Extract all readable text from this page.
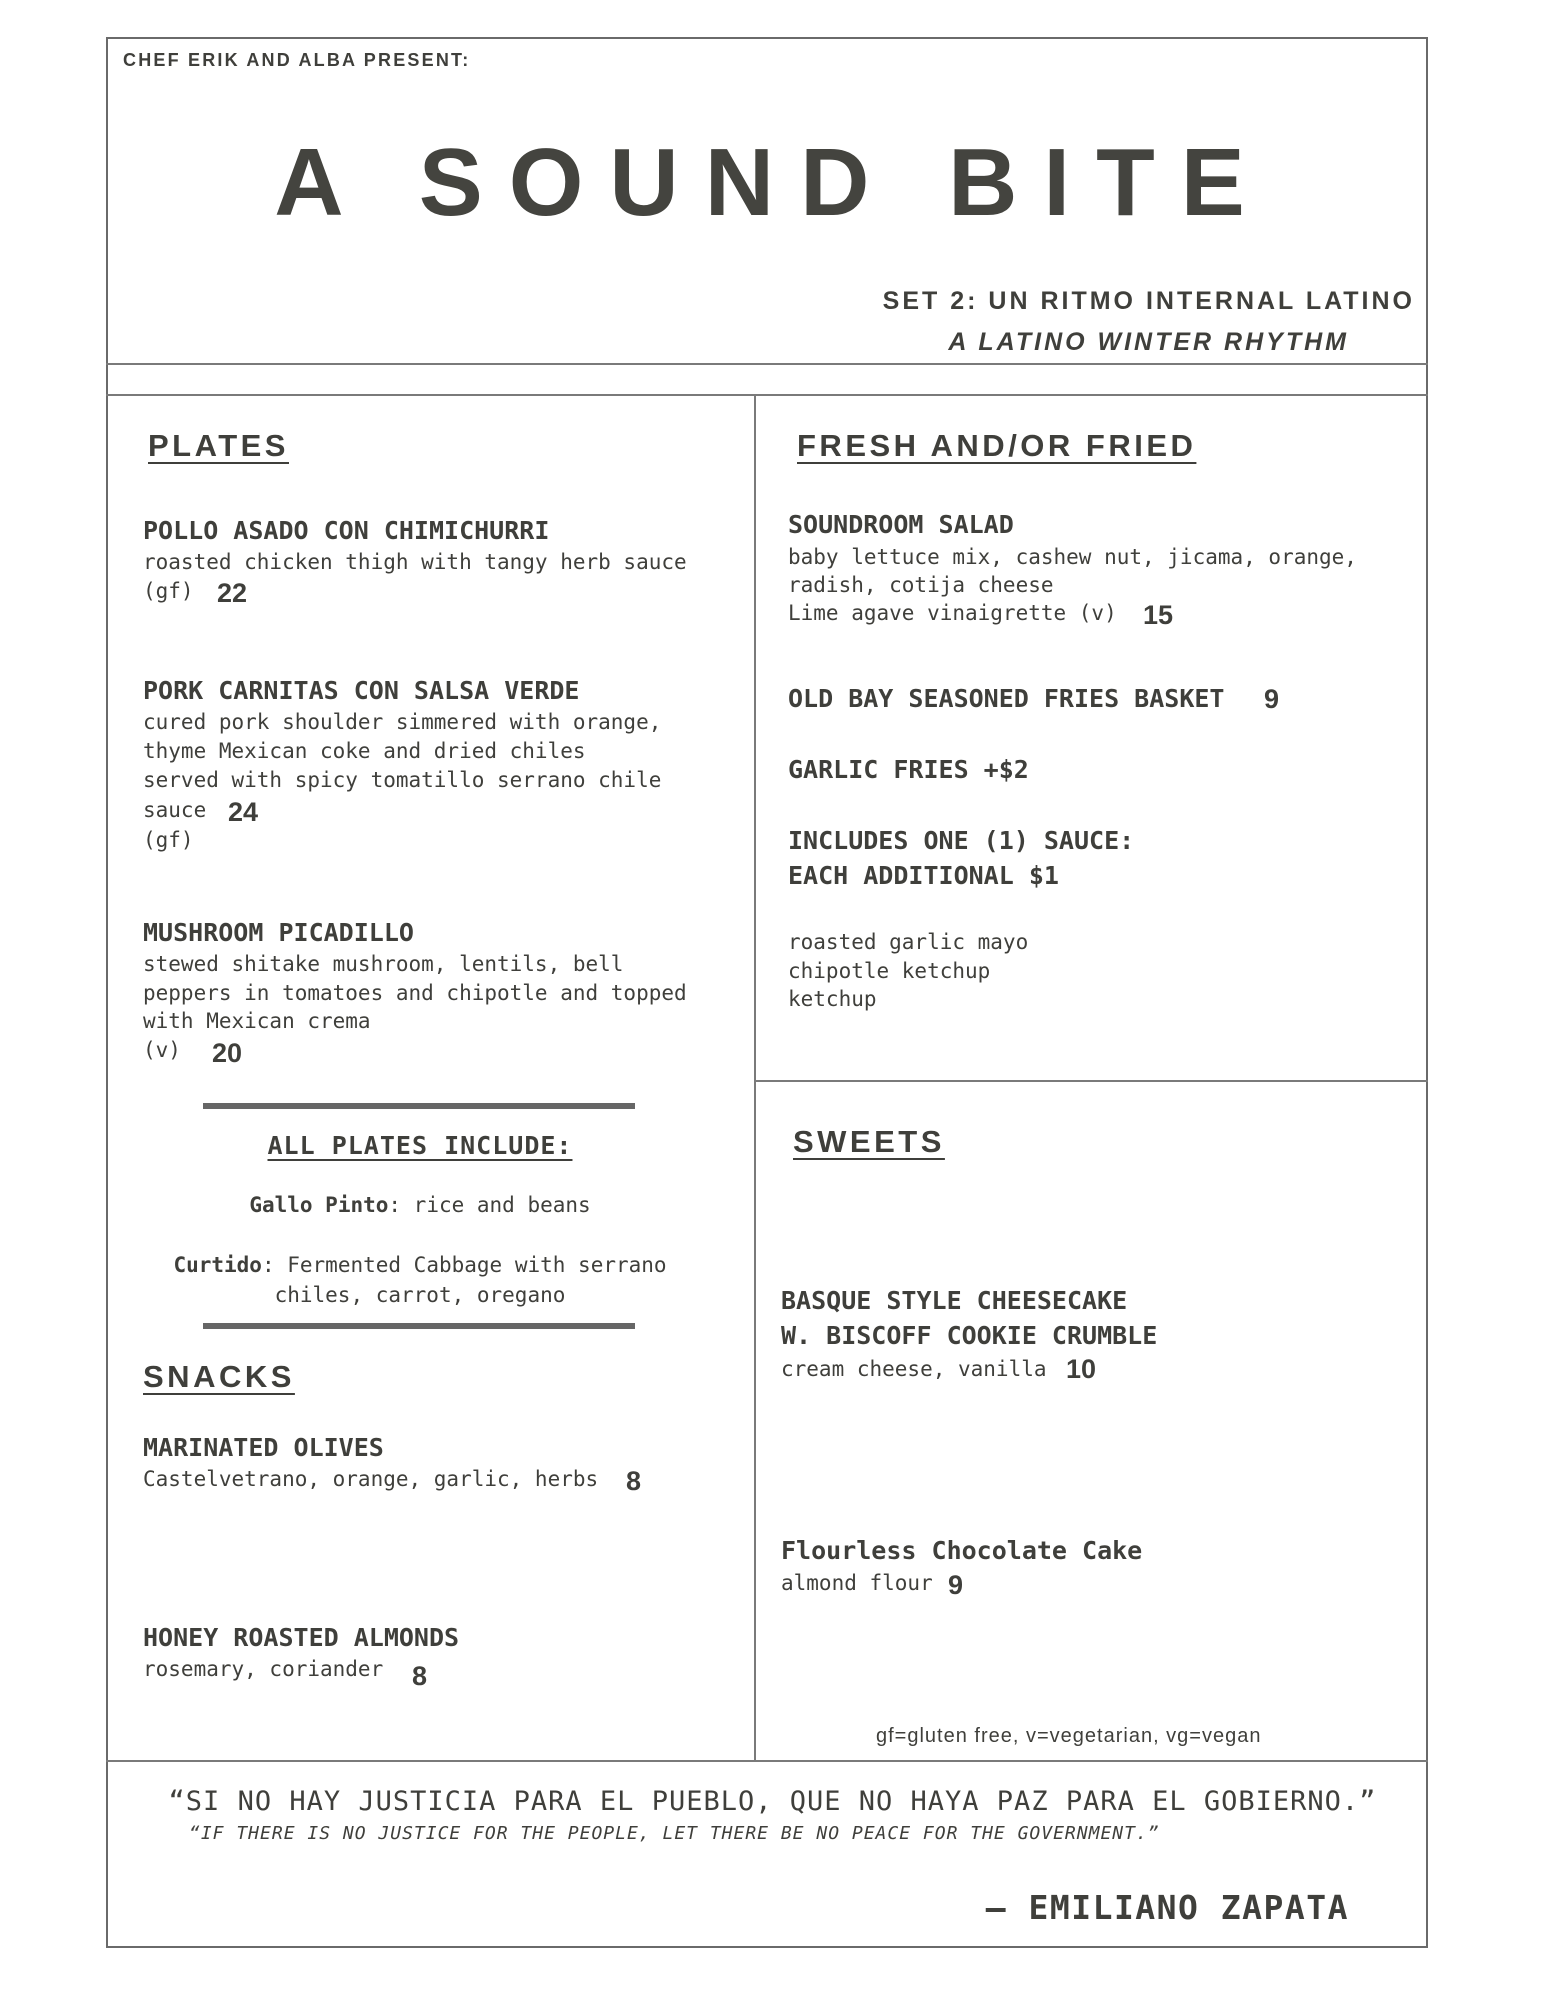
CHEF ERIK AND ALBA PRESENT:
A SOUND BITE
SET 2: UN RITMO INTERNAL LATINO
A LATINO WINTER RHYTHM
PLATES
POLLO ASADO CON CHIMICHURRI
roasted chicken thigh with tangy herb sauce
(gf) 22
PORK CARNITAS CON SALSA VERDE
cured pork shoulder simmered with orange,
thyme Mexican coke and dried chiles
served with spicy tomatillo serrano chile
sauce 24
(gf)
MUSHROOM PICADILLO
stewed shitake mushroom, lentils, bell
peppers in tomatoes and chipotle and topped
with Mexican crema
(v) 20
ALL PLATES INCLUDE:
Gallo Pinto: rice and beans
Curtido: Fermented Cabbage with serrano
chiles, carrot, oregano
SNACKS
MARINATED OLIVES
Castelvetrano, orange, garlic, herbs 8
HONEY ROASTED ALMONDS
rosemary, coriander 8
FRESH AND/OR FRIED
SOUNDROOM SALAD
baby lettuce mix, cashew nut, jicama, orange,
radish, cotija cheese
Lime agave vinaigrette (v) 15
OLD BAY SEASONED FRIES BASKET 9
GARLIC FRIES +$2
INCLUDES ONE (1) SAUCE:
EACH ADDITIONAL $1
roasted garlic mayo
chipotle ketchup
ketchup
SWEETS
BASQUE STYLE CHEESECAKE
W. BISCOFF COOKIE CRUMBLE
cream cheese, vanilla 10
Flourless Chocolate Cake
almond flour 9
gf=gluten free, v=vegetarian, vg=vegan
“SI NO HAY JUSTICIA PARA EL PUEBLO, QUE NO HAYA PAZ PARA EL GOBIERNO.”
“IF THERE IS NO JUSTICE FOR THE PEOPLE, LET THERE BE NO PEACE FOR THE GOVERNMENT.”
— EMILIANO ZAPATA
